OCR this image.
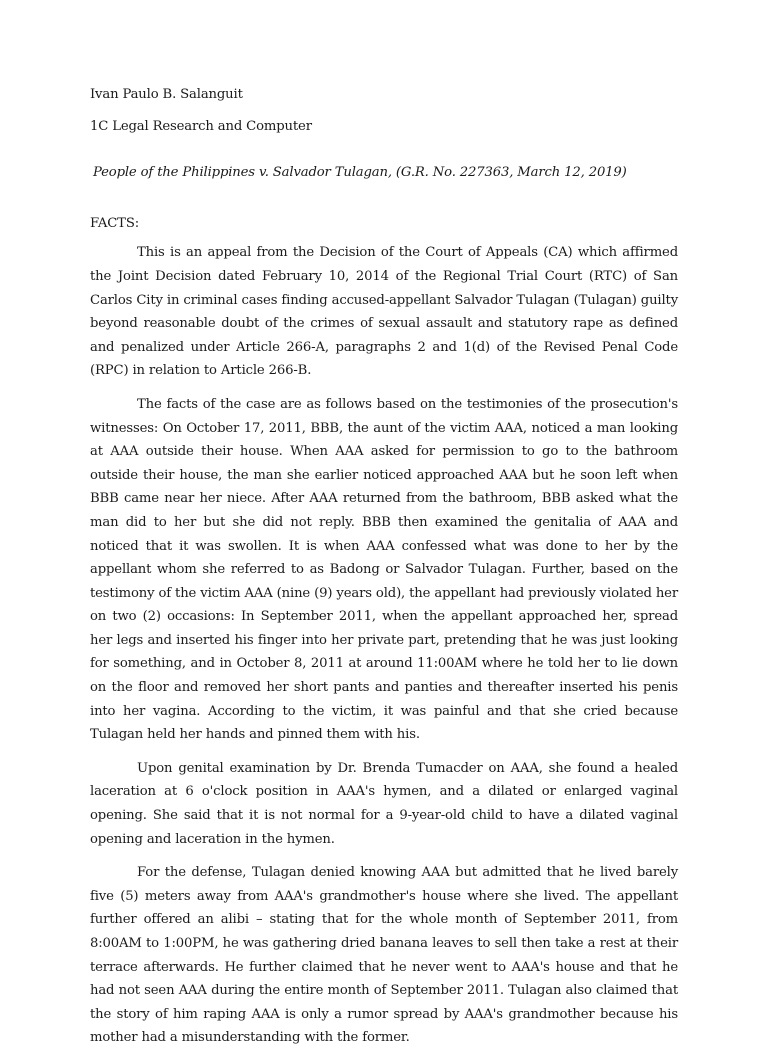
Ivan Paulo B. Salanguit

1C Legal Research and Computer

People of the Philippines v. Salvador Tulagan, (G.R. No. 227363, March 12, 2019)

FACTS:

This is an appeal from the Decision of the Court of Appeals (CA) which affirmed the Joint Decision dated February 10, 2014 of the Regional Trial Court (RTC) of San Carlos City in criminal cases finding accused-appellant Salvador Tulagan (Tulagan) guilty beyond reasonable doubt of the crimes of sexual assault and statutory rape as defined and penalized under Article 266-A, paragraphs 2 and 1(d) of the Revised Penal Code (RPC) in relation to Article 266-B.

The facts of the case are as follows based on the testimonies of the prosecution's witnesses: On October 17, 2011, BBB, the aunt of the victim AAA, noticed a man looking at AAA outside their house. When AAA asked for permission to go to the bathroom outside their house, the man she earlier noticed approached AAA but he soon left when BBB came near her niece. After AAA returned from the bathroom, BBB asked what the man did to her but she did not reply. BBB then examined the genitalia of AAA and noticed that it was swollen. It is when AAA confessed what was done to her by the appellant whom she referred to as Badong or Salvador Tulagan. Further, based on the testimony of the victim AAA (nine (9) years old), the appellant had previously violated her on two (2) occasions: In September 2011, when the appellant approached her, spread her legs and inserted his finger into her private part, pretending that he was just looking for something, and in October 8, 2011 at around 11:00AM where he told her to lie down on the floor and removed her short pants and panties and thereafter inserted his penis into her vagina. According to the victim, it was painful and that she cried because Tulagan held her hands and pinned them with his.

Upon genital examination by Dr. Brenda Tumacder on AAA, she found a healed laceration at 6 o'clock position in AAA's hymen, and a dilated or enlarged vaginal opening. She said that it is not normal for a 9-year-old child to have a dilated vaginal opening and laceration in the hymen.

For the defense, Tulagan denied knowing AAA but admitted that he lived barely five (5) meters away from AAA's grandmother's house where she lived. The appellant further offered an alibi – stating that for the whole month of September 2011, from 8:00AM to 1:00PM, he was gathering dried banana leaves to sell then take a rest at their terrace afterwards. He further claimed that he never went to AAA's house and that he had not seen AAA during the entire month of September 2011. Tulagan also claimed that the story of him raping AAA is only a rumor spread by AAA's grandmother because his mother had a misunderstanding with the former.
